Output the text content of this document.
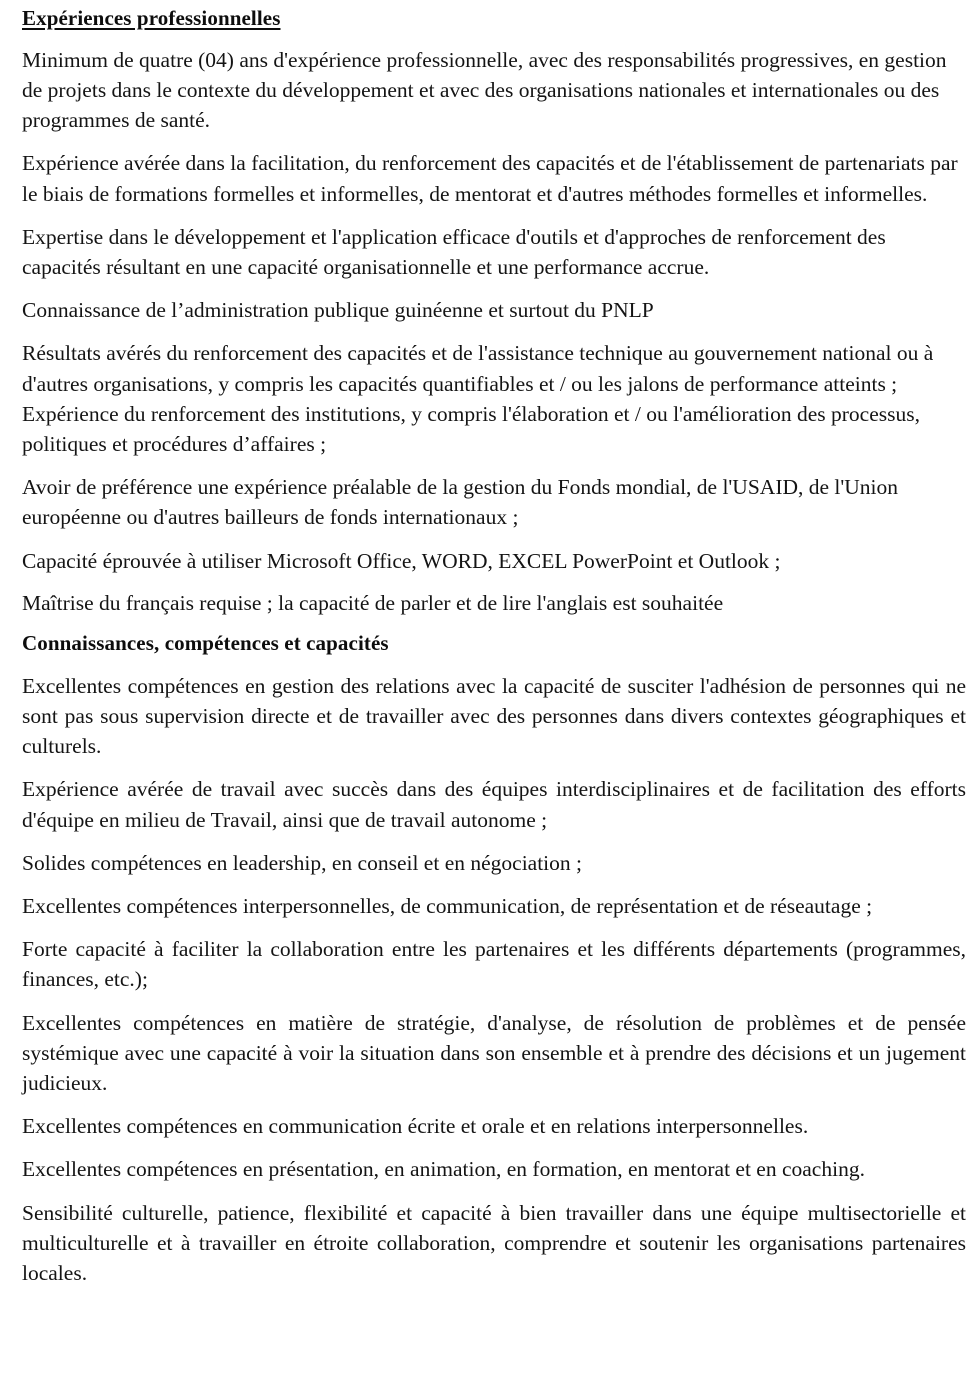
Expériences professionnelles

Minimum de quatre (04) ans d'expérience professionnelle, avec des responsabilités progressives, en gestion de projets dans le contexte du développement et avec des organisations nationales et internationales ou des programmes de santé.

Expérience avérée dans la facilitation, du renforcement des capacités et de l'établissement de partenariats par le biais de formations formelles et informelles, de mentorat et d'autres méthodes formelles et informelles.

Expertise dans le développement et l'application efficace d'outils et d'approches de renforcement des capacités résultant en une capacité organisationnelle et une performance accrue.

Connaissance de l’administration publique guinéenne et surtout du PNLP

Résultats avérés du renforcement des capacités et de l'assistance technique au gouvernement national ou à d'autres organisations, y compris les capacités quantifiables et / ou les jalons de performance atteints ; Expérience du renforcement des institutions, y compris l'élaboration et / ou l'amélioration des processus, politiques et procédures d’affaires ;

Avoir de préférence une expérience préalable de la gestion du Fonds mondial, de l'USAID, de l'Union européenne ou d'autres bailleurs de fonds internationaux ;

Capacité éprouvée à utiliser Microsoft Office, WORD, EXCEL PowerPoint et Outlook ;

Maîtrise du français requise ; la capacité de parler et de lire l'anglais est souhaitée

Connaissances, compétences et capacités

Excellentes compétences en gestion des relations avec la capacité de susciter l'adhésion de personnes qui ne sont pas sous supervision directe et de travailler avec des personnes dans divers contextes géographiques et culturels.

Expérience avérée de travail avec succès dans des équipes interdisciplinaires et de facilitation des efforts d'équipe en milieu de Travail, ainsi que de travail autonome ;

Solides compétences en leadership, en conseil et en négociation ;

Excellentes compétences interpersonnelles, de communication, de représentation et de réseautage ;

Forte capacité à faciliter la collaboration entre les partenaires et les différents départements (programmes, finances, etc.);

Excellentes compétences en matière de stratégie, d'analyse, de résolution de problèmes et de pensée systémique avec une capacité à voir la situation dans son ensemble et à prendre des décisions et un jugement judicieux.

Excellentes compétences en communication écrite et orale et en relations interpersonnelles.

Excellentes compétences en présentation, en animation, en formation, en mentorat et en coaching.

Sensibilité culturelle, patience, flexibilité et capacité à bien travailler dans une équipe multisectorielle et multiculturelle et à travailler en étroite collaboration, comprendre et soutenir les organisations partenaires locales.
